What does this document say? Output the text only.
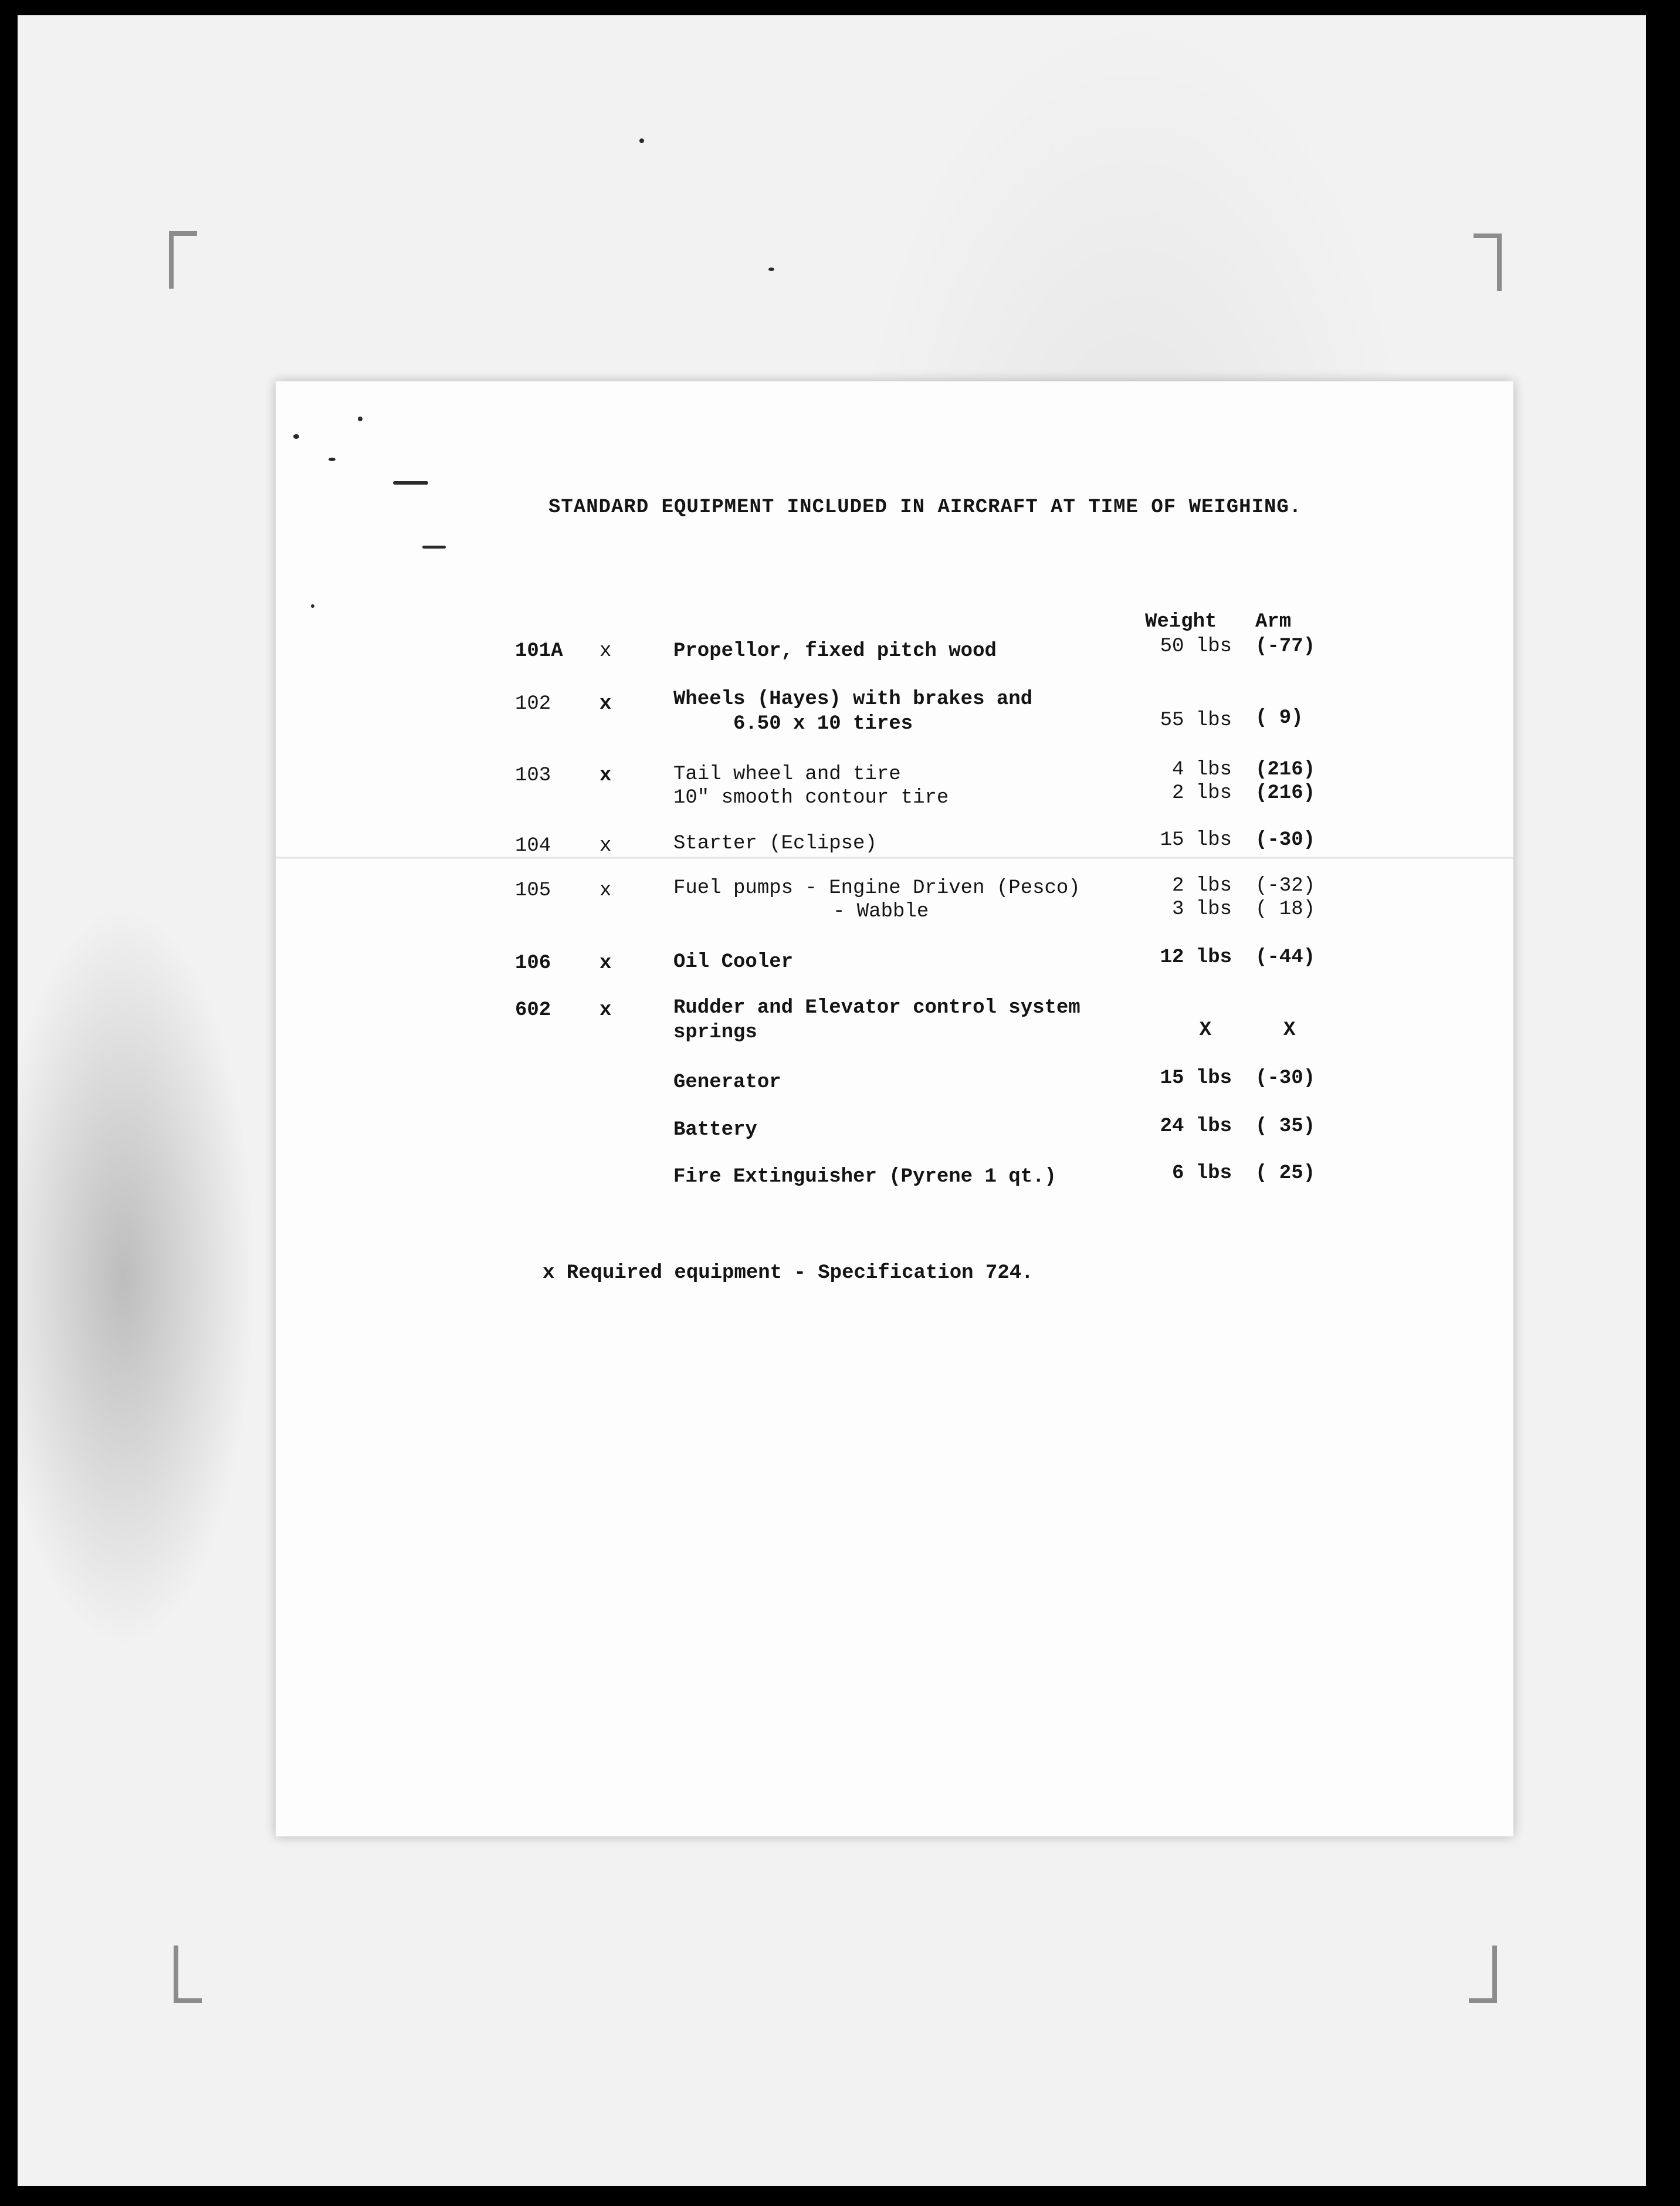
STANDARD EQUIPMENT INCLUDED IN AIRCRAFT AT TIME OF WEIGHING.
Weight Arm
101A x	Propellor, fixed pitch wood	50 lbs (-77)
102 x	Wheels (Hayes) with brakes and
6.50 x 10 tires	55 lbs ( 9)
103 x	Tail wheel and tire
10" smooth contour tire
4 lbs (216)
2 lbs (216)
104 x	Starter (Eclipse)	15 lbs (-30)
105 x	Fuel pumps - Engine Driven (Pesco)
- Wabble
2 lbs (-32)
3 lbs ( 18)
106 x	Oil Cooler	12 lbs (-44)
602 x	Rudder and Elevator control system
springs	X	X
Generator	15 lbs (-30)
Battery	24 lbs ( 35)
Fire Extinguisher (Pyrene 1 qt.)	6 lbs ( 25)
x Required equipment - Specification 724.
